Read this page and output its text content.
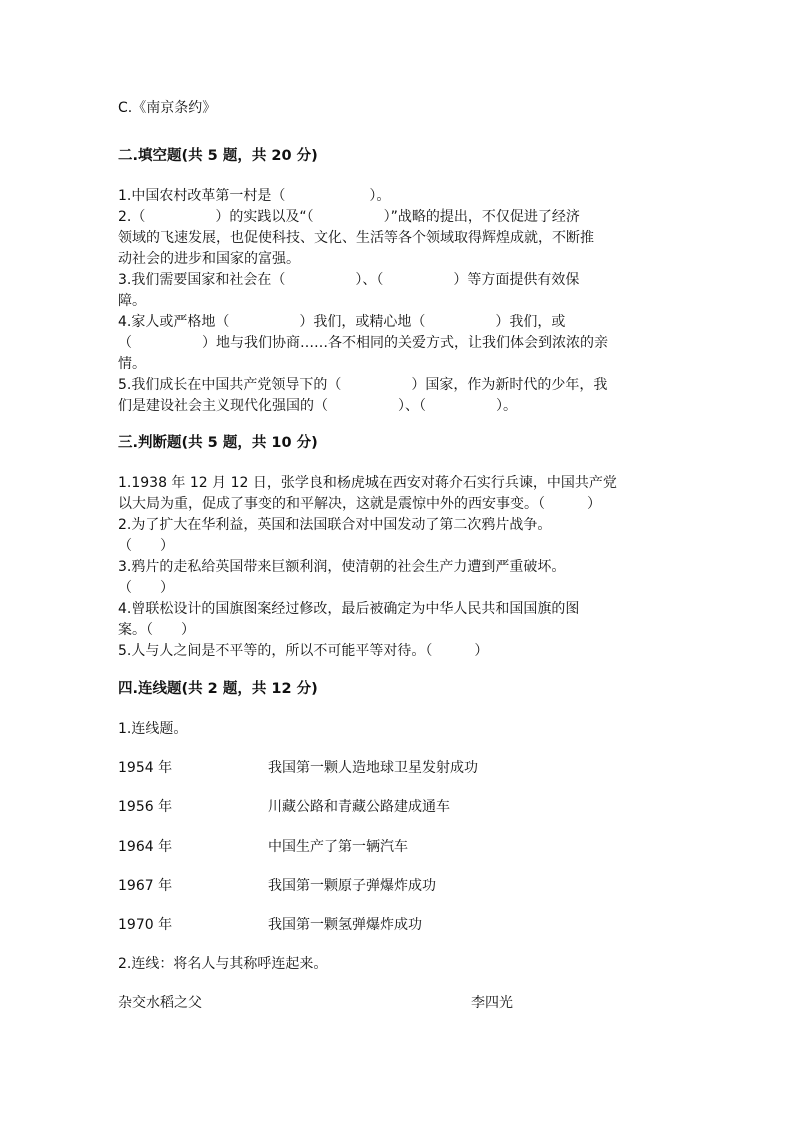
C.《南京条约》
二.填空题(共 5 题，共 20 分)
1.中国农村改革第一村是（　　　　　　）。
2.（　　　　　）的实践以及“（　　　　　）”战略的提出，不仅促进了经济
领域的飞速发展，也促使科技、文化、生活等各个领域取得辉煌成就，不断推
动社会的进步和国家的富强。
3.我们需要国家和社会在（　　　　　）、（　　　　　）等方面提供有效保
障。
4.家人或严格地（　　　　　）我们，或精心地（　　　　　）我们，或
（　　　　　）地与我们协商……各不相同的关爱方式，让我们体会到浓浓的亲
情。
5.我们成长在中国共产党领导下的（　　　　　）国家，作为新时代的少年，我
们是建设社会主义现代化强国的（　　　　　）、（　　　　　）。
三.判断题(共 5 题，共 10 分)
1.1938 年 12 月 12 日，张学良和杨虎城在西安对蒋介石实行兵谏，中国共产党
以大局为重，促成了事变的和平解决，这就是震惊中外的西安事变。（　　　）
2.为了扩大在华利益，英国和法国联合对中国发动了第二次鸦片战争。
（　　）
3.鸦片的走私给英国带来巨额利润，使清朝的社会生产力遭到严重破坏。
（　　）
4.曾联松设计的国旗图案经过修改，最后被确定为中华人民共和国国旗的图
案。（　　）
5.人与人之间是不平等的，所以不可能平等对待。（　　　）
四.连线题(共 2 题，共 12 分)
1.连线题。
1954 年	我国第一颗人造地球卫星发射成功
1956 年	川藏公路和青藏公路建成通车
1964 年	中国生产了第一辆汽车
1967 年	我国第一颗原子弹爆炸成功
1970 年	我国第一颗氢弹爆炸成功
2.连线：将名人与其称呼连起来。
杂交水稻之父	李四光
